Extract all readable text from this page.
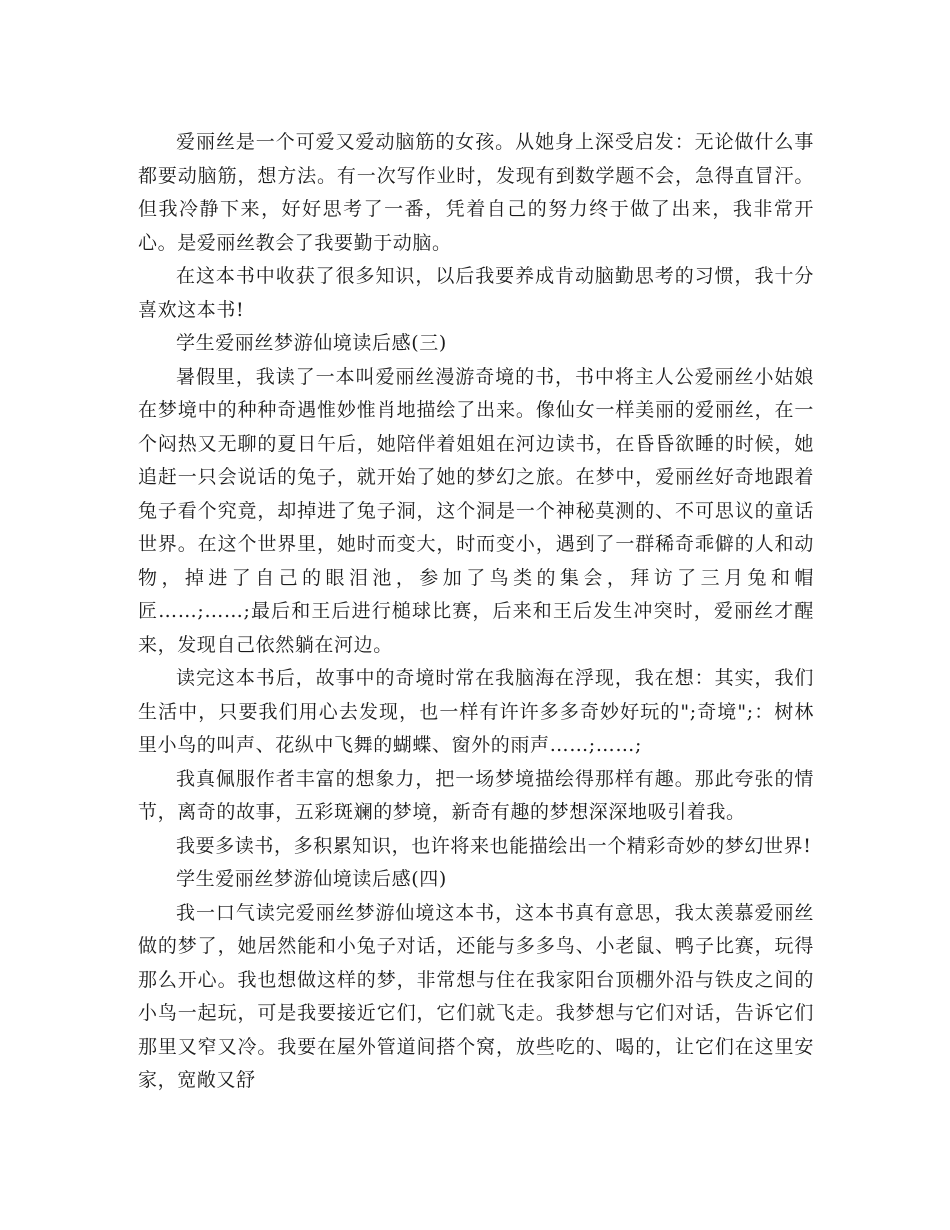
爱丽丝是一个可爱又爱动脑筋的女孩。从她身上深受启发：无论做什么事都要动脑筋，想方法。有一次写作业时，发现有到数学题不会，急得直冒汗。但我冷静下来，好好思考了一番，凭着自己的努力终于做了出来，我非常开心。是爱丽丝教会了我要勤于动脑。

在这本书中收获了很多知识，以后我要养成肯动脑勤思考的习惯，我十分喜欢这本书!

学生爱丽丝梦游仙境读后感(三)

暑假里，我读了一本叫爱丽丝漫游奇境的书，书中将主人公爱丽丝小姑娘在梦境中的种种奇遇惟妙惟肖地描绘了出来。像仙女一样美丽的爱丽丝，在一个闷热又无聊的夏日午后，她陪伴着姐姐在河边读书，在昏昏欲睡的时候，她追赶一只会说话的兔子，就开始了她的梦幻之旅。在梦中，爱丽丝好奇地跟着兔子看个究竟，却掉进了兔子洞，这个洞是一个神秘莫测的、不可思议的童话世界。在这个世界里，她时而变大，时而变小，遇到了一群稀奇乖僻的人和动物，掉进了自己的眼泪池，参加了鸟类的集会，拜访了三月兔和帽匠……;……;最后和王后进行槌球比赛，后来和王后发生冲突时，爱丽丝才醒来，发现自己依然躺在河边。

读完这本书后，故事中的奇境时常在我脑海在浮现，我在想：其实，我们生活中，只要我们用心去发现，也一样有许许多多奇妙好玩的";奇境";：树林里小鸟的叫声、花纵中飞舞的蝴蝶、窗外的雨声……;……;

我真佩服作者丰富的想象力，把一场梦境描绘得那样有趣。那此夸张的情节，离奇的故事，五彩斑斓的梦境，新奇有趣的梦想深深地吸引着我。

我要多读书，多积累知识，也许将来也能描绘出一个精彩奇妙的梦幻世界!

学生爱丽丝梦游仙境读后感(四)

我一口气读完爱丽丝梦游仙境这本书，这本书真有意思，我太羡慕爱丽丝做的梦了，她居然能和小兔子对话，还能与多多鸟、小老鼠、鸭子比赛，玩得那么开心。我也想做这样的梦，非常想与住在我家阳台顶棚外沿与铁皮之间的小鸟一起玩，可是我要接近它们，它们就飞走。我梦想与它们对话，告诉它们那里又窄又冷。我要在屋外管道间搭个窝，放些吃的、喝的，让它们在这里安家，宽敞又舒
